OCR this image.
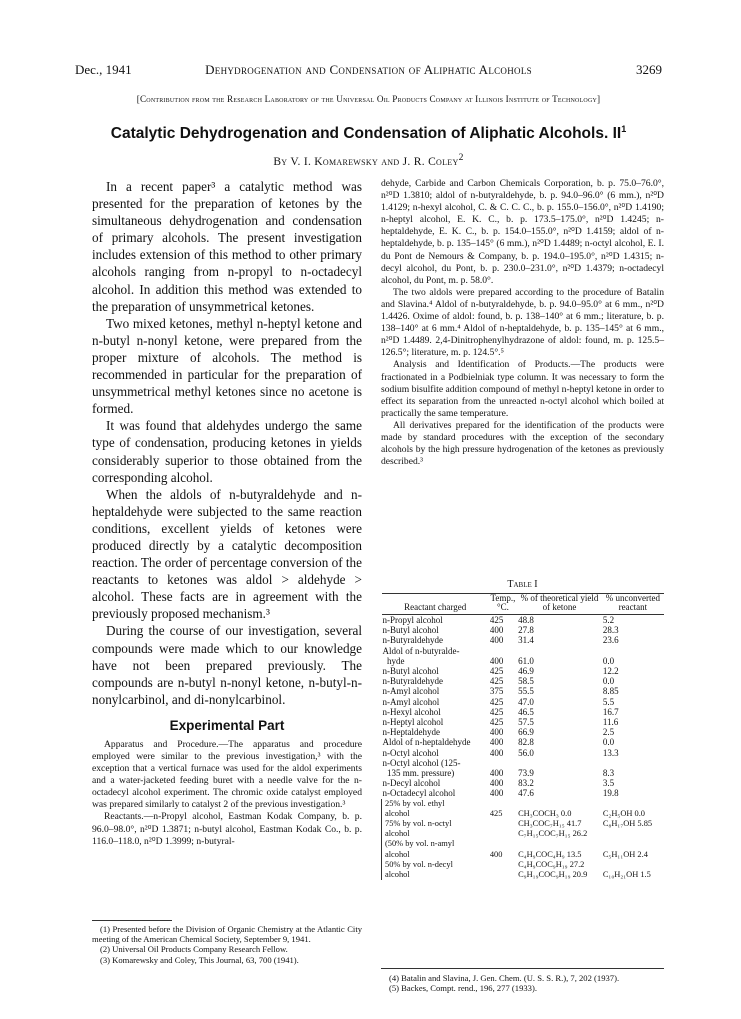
Dec., 1941	Dehydrogenation and Condensation of Aliphatic Alcohols	3269
[Contribution from the Research Laboratory of the Universal Oil Products Company at Illinois Institute of Technology]
Catalytic Dehydrogenation and Condensation of Aliphatic Alcohols. $II^1$
By V. I. Komarewsky and J. R. Coley$^2$

In a recent paper³ a catalytic method was presented for the preparation of ketones by the simultaneous dehydrogenation and condensation of primary alcohols. The present investigation includes extension of this method to other primary alcohols ranging from n-propyl to n-octadecyl alcohol. In addition this method was extended to the preparation of unsymmetrical ketones.

Two mixed ketones, methyl n-heptyl ketone and n-butyl n-nonyl ketone, were prepared from the proper mixture of alcohols. The method is recommended in particular for the preparation of unsymmetrical methyl ketones since no acetone is formed.

It was found that aldehydes undergo the same type of condensation, producing ketones in yields considerably superior to those obtained from the corresponding alcohol.

When the aldols of n-butyraldehyde and n-heptaldehyde were subjected to the same reaction conditions, excellent yields of ketones were produced directly by a catalytic decomposition reaction. The order of percentage conversion of the reactants to ketones was aldol > aldehyde > alcohol. These facts are in agreement with the previously proposed mechanism.³

During the course of our investigation, several compounds were made which to our knowledge have not been prepared previously. The compounds are n-butyl n-nonyl ketone, n-butyl-n-nonylcarbinol, and di-nonylcarbinol.

Experimental Part

Apparatus and Procedure.—The apparatus and procedure employed were similar to the previous investigation,³ with the exception that a vertical furnace was used for the aldol experiments and a water-jacketed feeding buret with a needle valve for the n-octadecyl alcohol experiment. The chromic oxide catalyst employed was prepared similarly to catalyst 2 of the previous investigation.³

Reactants.—n-Propyl alcohol, Eastman Kodak Company, b. p. 96.0–98.0°, n²⁰D 1.3871; n-butyl alcohol, Eastman Kodak Co., b. p. 116.0–118.0, n²⁰D 1.3999; n-butyral-

(1) Presented before the Division of Organic Chemistry at the Atlantic City meeting of the American Chemical Society, September 9, 1941.

(2) Universal Oil Products Company Research Fellow.

(3) Komarewsky and Coley, This Journal, 63, 700 (1941).

dehyde, Carbide and Carbon Chemicals Corporation, b. p. 75.0–76.0°, n²⁰D 1.3810; aldol of n-butyraldehyde, b. p. 94.0–96.0° (6 mm.), n²⁰D 1.4129; n-hexyl alcohol, C. & C. C. C., b. p. 155.0–156.0°, n²⁰D 1.4190; n-heptyl alcohol, E. K. C., b. p. 173.5–175.0°, n²⁰D 1.4245; n-heptaldehyde, E. K. C., b. p. 154.0–155.0°, n²⁰D 1.4159; aldol of n-heptaldehyde, b. p. 135–145° (6 mm.), n²⁰D 1.4489; n-octyl alcohol, E. I. du Pont de Nemours & Company, b. p. 194.0–195.0°, n²⁰D 1.4315; n-decyl alcohol, du Pont, b. p. 230.0–231.0°, n²⁰D 1.4379; n-octadecyl alcohol, du Pont, m. p. 58.0°.

The two aldols were prepared according to the procedure of Batalin and Slavina.⁴ Aldol of n-butyraldehyde, b. p. 94.0–95.0° at 6 mm., n²⁰D 1.4426. Oxime of aldol: found, b. p. 138–140° at 6 mm.; literature, b. p. 138–140° at 6 mm.⁴ Aldol of n-heptaldehyde, b. p. 135–145° at 6 mm., n²⁰D 1.4489. 2,4-Dinitrophenylhydrazone of aldol: found, m. p. 125.5–126.5°; literature, m. p. 124.5°.⁵

Analysis and Identification of Products.—The products were fractionated in a Podbielniak type column. It was necessary to form the sodium bisulfite addition compound of methyl n-heptyl ketone in order to effect its separation from the unreacted n-octyl alcohol which boiled at practically the same temperature.

All derivatives prepared for the identification of the products were made by standard procedures with the exception of the secondary alcohols by the high pressure hydrogenation of the ketones as previously described.³

Table I
Reactant charged	Temp., °C.	% of theoretical yield of ketone	% unconverted reactant
n-Propyl alcohol	425	48.8	5.2
n-Butyl alcohol	400	27.8	28.3
n-Butyraldehyde	400	31.4	23.6
Aldol of n-butyralde-			
hyde	400	61.0	0.0
n-Butyl alcohol	425	46.9	12.2
n-Butyraldehyde	425	58.5	0.0
n-Amyl alcohol	375	55.5	8.85
n-Amyl alcohol	425	47.0	5.5
n-Hexyl alcohol	425	46.5	16.7
n-Heptyl alcohol	425	57.5	11.6
n-Heptaldehyde	400	66.9	2.5
Aldol of n-heptaldehyde	400	82.8	0.0
n-Octyl alcohol	400	56.0	13.3
n-Octyl alcohol (125-			
135 mm. pressure)	400	73.9	8.3
n-Decyl alcohol	400	83.2	3.5
n-Octadecyl alcohol	400	47.6	19.8
25% by vol. ethyl			
alcohol	425	CH₃COCH₃ 0.0	C₂H₅OH 0.0
75% by vol. n-octyl		CH₃COC₇H₁₅ 41.7	C₈H₁₇OH 5.85
alcohol		C₇H₁₅COC₇H₁₅ 26.2	
(50% by vol. n-amyl			
alcohol	400	C₄H₉COC₄H₉ 13.5	C₅H₁₁OH 2.4
50% by vol. n-decyl		C₄H₉COC₉H₁₉ 27.2	
alcohol		C₉H₁₉COC₉H₁₉ 20.9	C₁₀H₂₁OH 1.5

(4) Batalin and Slavina, J. Gen. Chem. (U. S. S. R.), 7, 202 (1937).

(5) Backes, Compt. rend., 196, 277 (1933).
